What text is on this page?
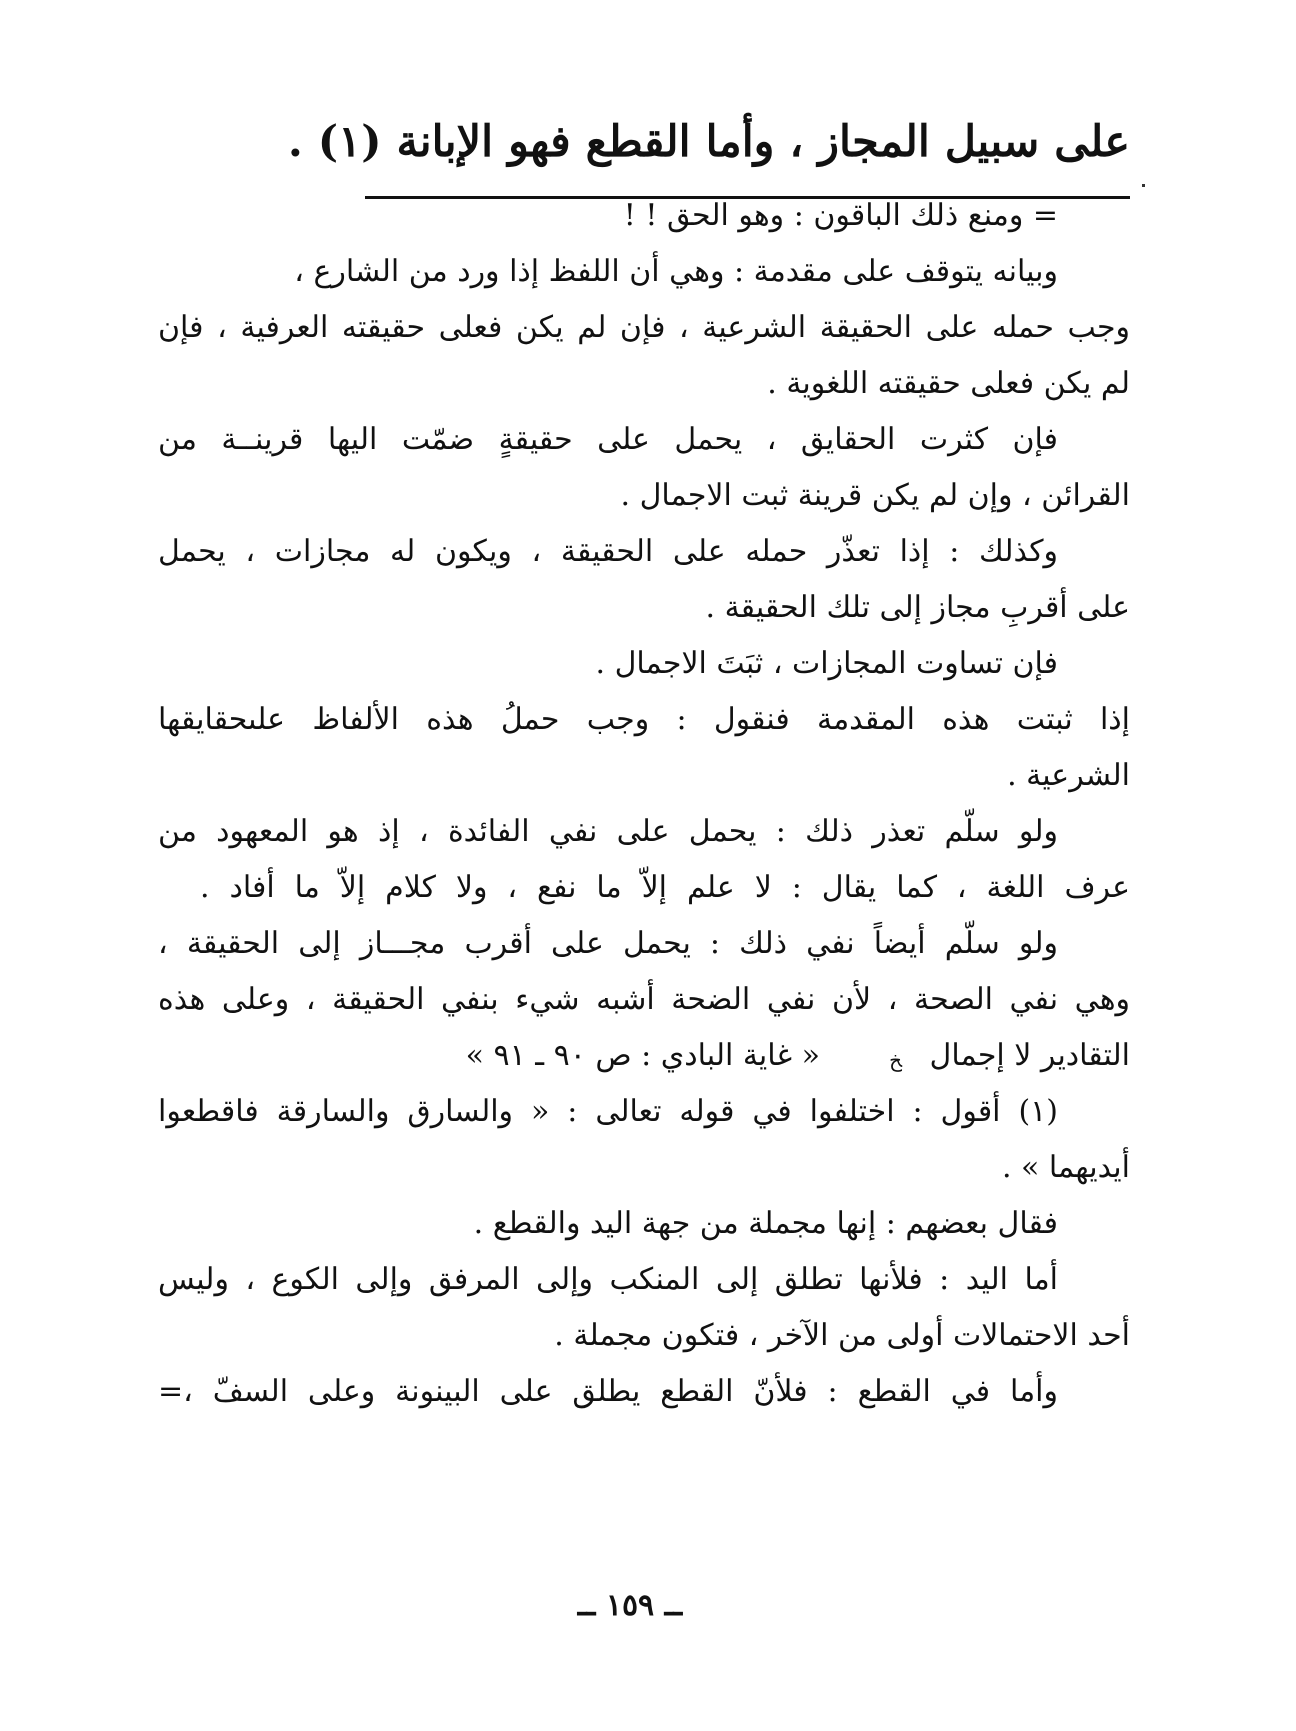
على سبيل المجاز ، وأما القطع فهو الإبانة (١) .
= ومنع ذلك الباقون : وهو الحق ! !
وبيانه يتوقف على مقدمة : وهي أن اللفظ إذا ورد من الشارع ،
وجب حمله على الحقيقة الشرعية ، فإن لم يكن فعلى حقيقته العرفية ، فإن
لم يكن فعلى حقيقته اللغوية .
فإن كثرت الحقايق ، يحمل على حقيقةٍ ضمّت اليها قرينــة من
القرائن ، وإن لم يكن قرينة ثبت الاجمال .
وكذلك : إذا تعذّر حمله على الحقيقة ، ويكون له مجازات ، يحمل
على أقربِ مجاز إلى تلك الحقيقة .
فإن تساوت المجازات ، ثبَتَ الاجمال .
إذا ثبتت هذه المقدمة فنقول : وجب حملُ هذه الألفاظ علىحقايقها
الشرعية .
ولو سلّم تعذر ذلك : يحمل على نفي الفائدة ، إذ هو المعهود من
عرف اللغة ، كما يقال : لا علم إلاّ ما نفع ، ولا كلام إلاّ ما أفاد .
ولو سلّم أيضاً نفي ذلك : يحمل على أقرب مجـــاز إلى الحقيقة ،
وهي نفي الصحة ، لأن نفي الضحة أشبه شيء بنفي الحقيقة ، وعلى هذه
التقادير لا إجمال
ﺦ
« غاية البادي : ص ٩٠ ـ ٩١ »
(١) أقول : اختلفوا في قوله تعالى : « والسارق والسارقة فاقطعوا
أيديهما » .
فقال بعضهم : إنها مجملة من جهة اليد والقطع .
أما اليد : فلأنها تطلق إلى المنكب وإلى المرفق وإلى الكوع ، وليس
أحد الاحتمالات أولى من الآخر ، فتكون مجملة .
وأما في القطع : فلأنّ القطع يطلق على البينونة وعلى السفّ ،=
ــ ١٥٩ ــ
